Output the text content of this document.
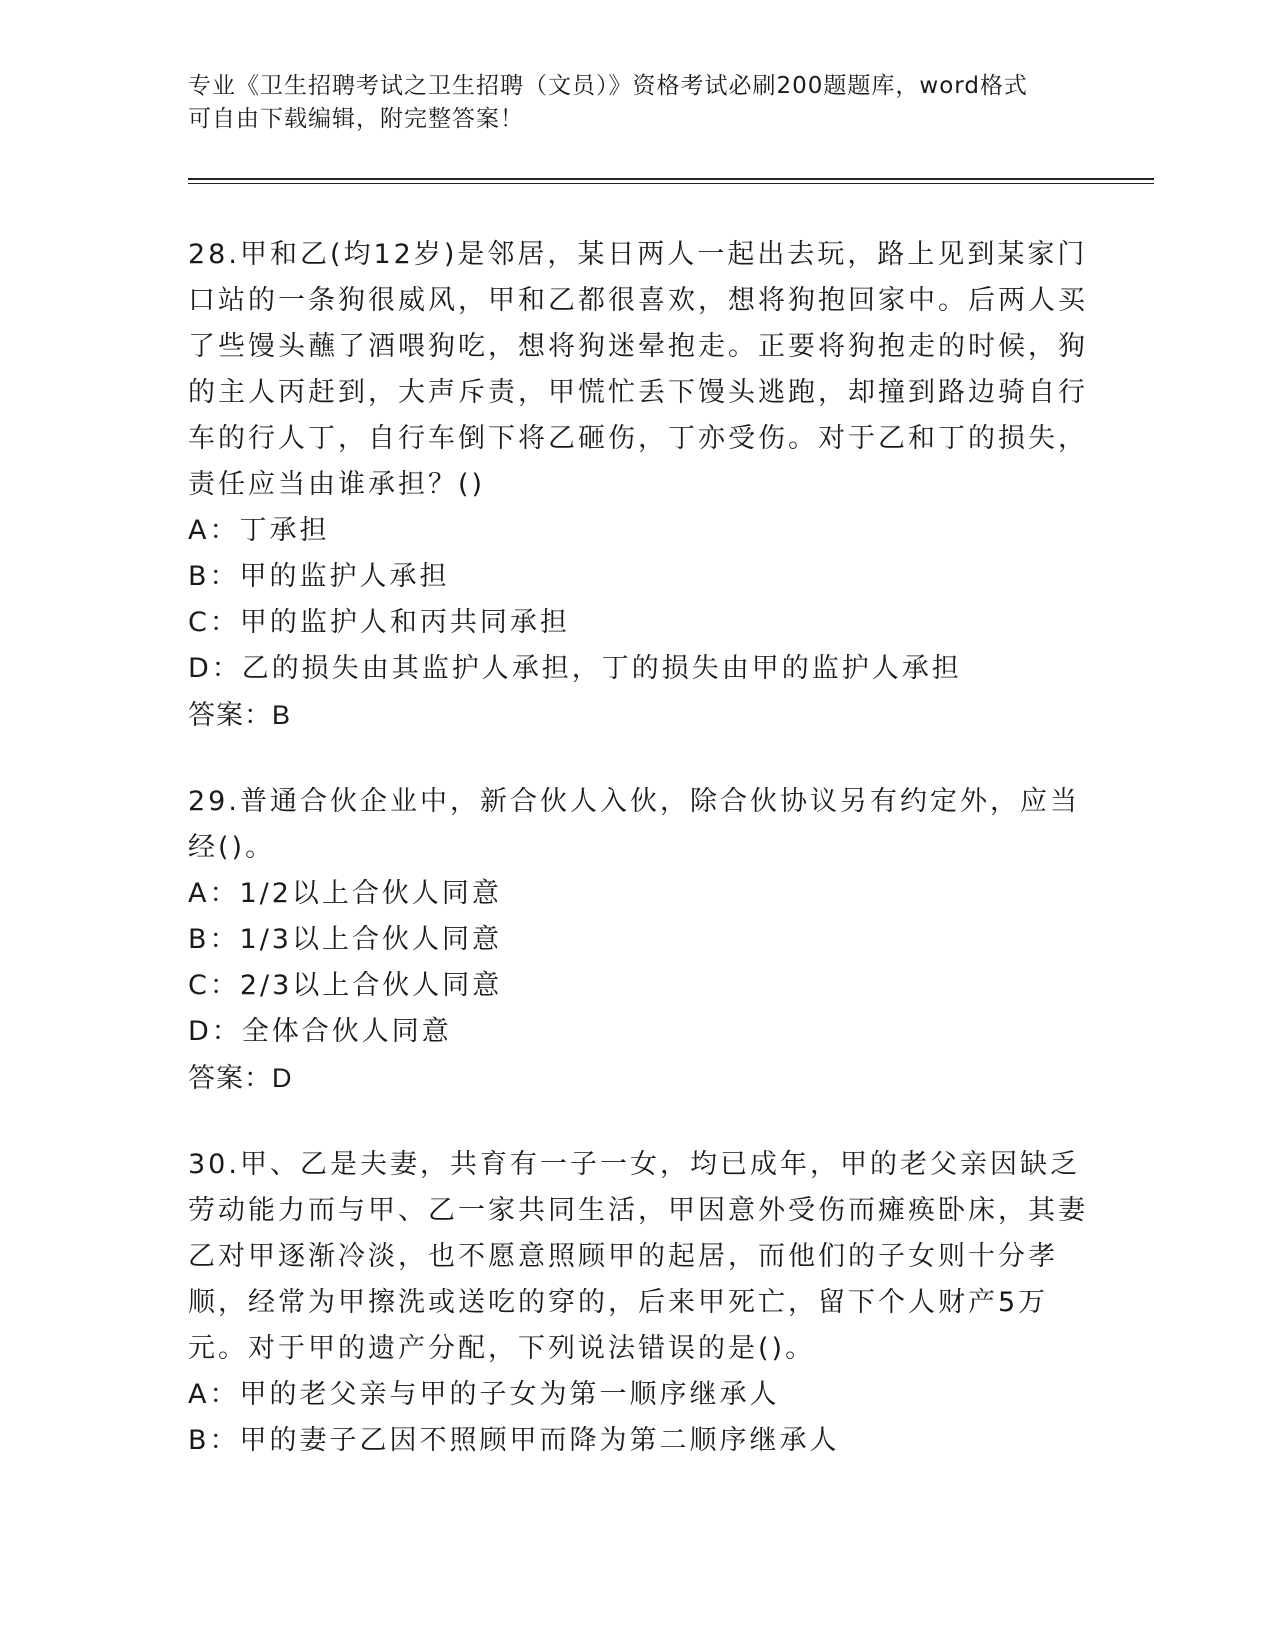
专业《卫生招聘考试之卫生招聘（文员）》资格考试必刷200题题库，word格式
可自由下载编辑，附完整答案！
28.甲和乙(均12岁)是邻居，某日两人一起出去玩，路上见到某家门口站的一条狗很威风，甲和乙都很喜欢，想将狗抱回家中。后两人买了些馒头蘸了酒喂狗吃，想将狗迷晕抱走。正要将狗抱走的时候，狗的主人丙赶到，大声斥责，甲慌忙丢下馒头逃跑，却撞到路边骑自行车的行人丁，自行车倒下将乙砸伤，丁亦受伤。对于乙和丁的损失，责任应当由谁承担？()
A：丁承担
B：甲的监护人承担
C：甲的监护人和丙共同承担
D：乙的损失由其监护人承担，丁的损失由甲的监护人承担
答案：B
29.普通合伙企业中，新合伙人入伙，除合伙协议另有约定外，应当经()。
A：1/2以上合伙人同意
B：1/3以上合伙人同意
C：2/3以上合伙人同意
D：全体合伙人同意
答案：D
30.甲、乙是夫妻，共育有一子一女，均已成年，甲的老父亲因缺乏劳动能力而与甲、乙一家共同生活，甲因意外受伤而瘫痪卧床，其妻乙对甲逐渐冷淡，也不愿意照顾甲的起居，而他们的子女则十分孝顺，经常为甲擦洗或送吃的穿的，后来甲死亡，留下个人财产5万元。对于甲的遗产分配，下列说法错误的是()。
A：甲的老父亲与甲的子女为第一顺序继承人
B：甲的妻子乙因不照顾甲而降为第二顺序继承人
